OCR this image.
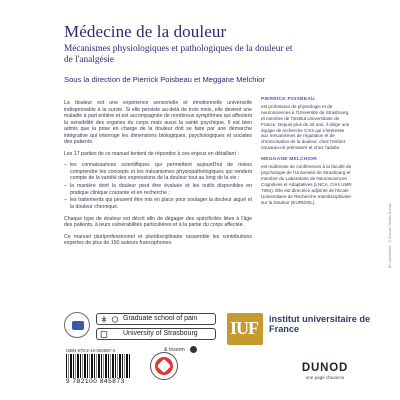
Médecine de la douleur
Mécanismes physiologiques et pathologiques de la douleur et de l'analgésie
Sous la direction de Pierrick Poisbeau et Meggane Melchior

La douleur est une expérience sensorielle et émotionnelle universelle indispensable à la survie. Si elle persiste au-delà de trois mois, elle devient une maladie à part entière et est accompagnée de nombreux symptômes qui affectent la sensibilité des organes du corps mais aussi la santé psychique. Il est bien admis que la prise en charge de la douleur doit se faire par une démarche intégrative qui interroge les dimensions biologiques, psychologiques et sociales des patients.

Les 17 parties de ce manuel tentent de répondre à ces enjeux en détaillant :

– les connaissances scientifiques qui permettent aujourd'hui de mieux comprendre les concepts et les mécanismes physiopathologiques qui rendent compte de la variété des expressions de la douleur tout au long de la vie ;
– la manière dont la douleur peut être évaluée et les outils disponibles en pratique clinique courante et en recherche ;
– les traitements qui peuvent être mis en place pour soulager la douleur aiguë et la douleur chronique.

Chaque type de douleur est décrit afin de dégager des spécificités liées à l'âge des patients, à leurs vulnérabilités particulières et à la partie du corps affectée.

Ce manuel pluriprofessionnel et pluridisciplinaire rassemble les contributions expertes de plus de 150 auteurs francophones.

PIERRICK POISBEAU
est professeur de physiologie et de neurosciences à l'Université de Strasbourg et membre de l'Institut Universitaire de France. Depuis plus de 25 ans, il dirige une équipe de recherche Cnrs qui s'intéresse aux mécanismes de régulation et de chronicisation de la douleur, chez l'enfant nouveau-né prématuré et chez l'adulte.
MEGGANE MELCHIOR
est maîtresse de conférences à la faculté de psychologie de l'Université de Strasbourg et membre du Laboratoire de Neurosciences Cognitives et Adaptatives (LNCA, Cnrs UMR 7364). Elle est directrice adjointe de l'Ecole Universitaire de Recherche Interdisciplinaire sur la Douleur (EURIDOL).
Graduate school of pain
University of Strasbourg
& Inserm
IUF institut universitaire de France
ISBN 978-2-10-084587-3
9 782100 845873
DUNOD
une page d'avance
En couverture : © Dunod / Studio Dunod
